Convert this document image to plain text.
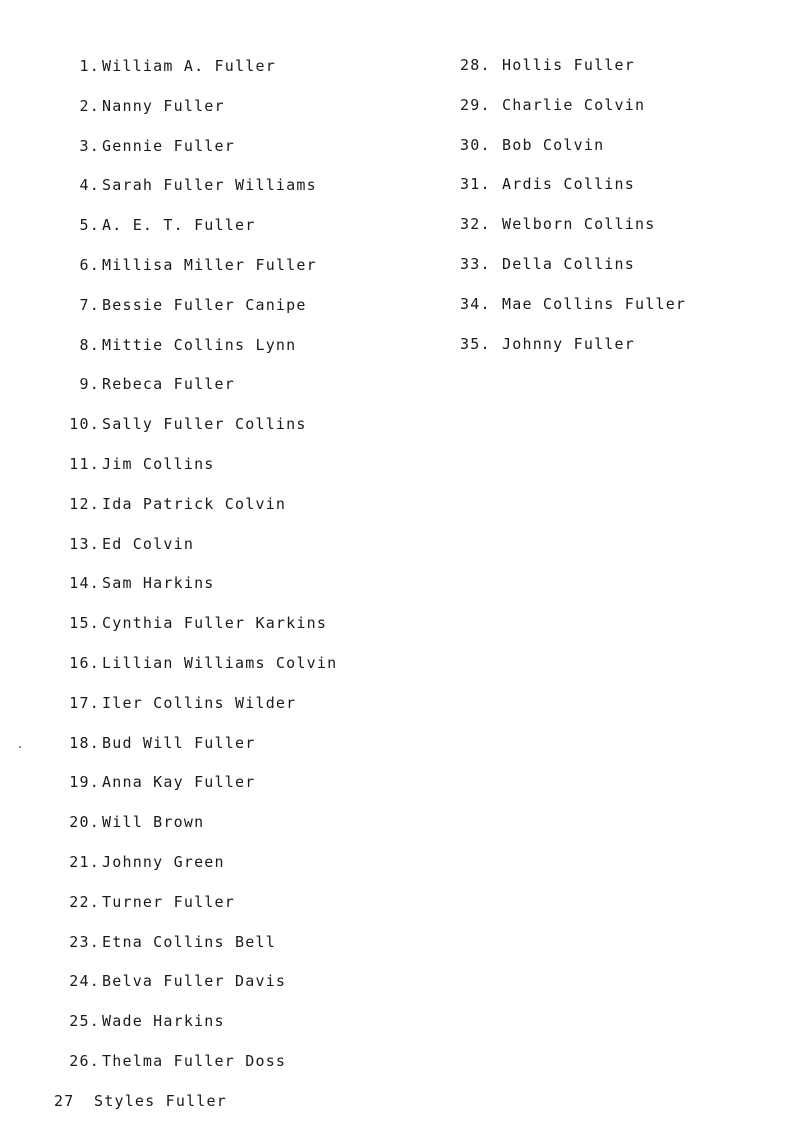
1. William A. Fuller
2. Nanny Fuller
3. Gennie Fuller
4. Sarah Fuller Williams
5. A. E. T. Fuller
6. Millisa Miller Fuller
7. Bessie Fuller Canipe
8. Mittie Collins Lynn
9. Rebeca Fuller
10. Sally Fuller Collins
11. Jim Collins
12. Ida Patrick Colvin
13. Ed Colvin
14. Sam Harkins
15. Cynthia Fuller Karkins
16. Lillian Williams Colvin
17. Iler Collins Wilder
18. Bud Will Fuller
19. Anna Kay Fuller
20. Will Brown
21. Johnny Green
22. Turner Fuller
23. Etna Collins Bell
24. Belva Fuller Davis
25. Wade Harkins
26. Thelma Fuller Doss
27	Styles Fuller
28. Hollis Fuller
29. Charlie Colvin
30. Bob Colvin
31. Ardis Collins
32. Welborn Collins
33. Della Collins
34. Mae Collins Fuller
35. Johnny Fuller
